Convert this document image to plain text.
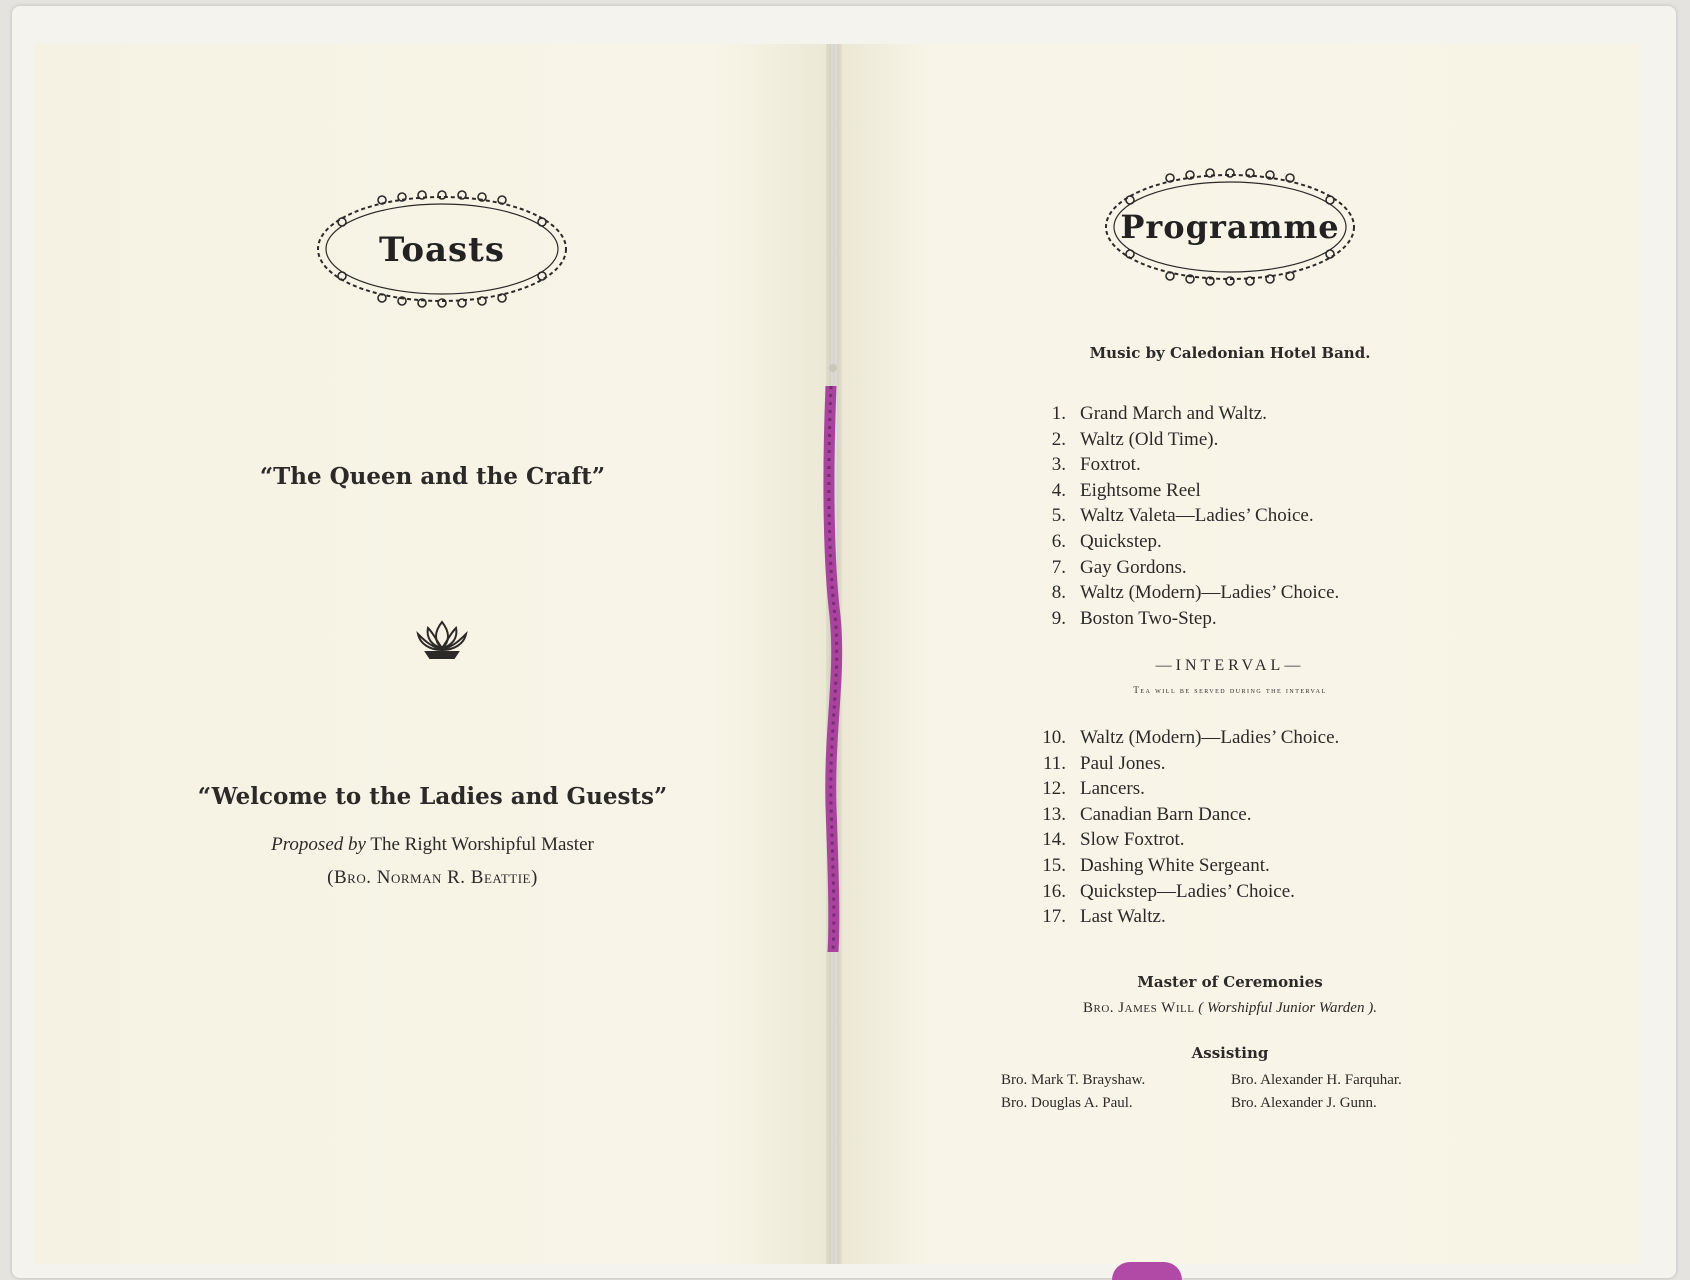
Toasts
“The Queen and the Craft”
“Welcome to the Ladies and Guests”
Proposed by The Right Worshipful Master
(Bro. Norman R. Beattie)
Programme
Music by Caledonian Hotel Band.
1. Grand March and Waltz.
2. Waltz (Old Time).
3. Foxtrot.
4. Eightsome Reel
5. Waltz Valeta—Ladies’ Choice.
6. Quickstep.
7. Gay Gordons.
8. Waltz (Modern)—Ladies’ Choice.
9. Boston Two-Step.
—INTERVAL—
Tea will be served during the interval
10. Waltz (Modern)—Ladies’ Choice.
11. Paul Jones.
12. Lancers.
13. Canadian Barn Dance.
14. Slow Foxtrot.
15. Dashing White Sergeant.
16. Quickstep—Ladies’ Choice.
17. Last Waltz.
Master of Ceremonies
Bro. James Will ( Worshipful Junior Warden ).
Assisting
Bro. Mark T. Brayshaw.
Bro. Douglas A. Paul.
Bro. Alexander H. Farquhar.
Bro. Alexander J. Gunn.
